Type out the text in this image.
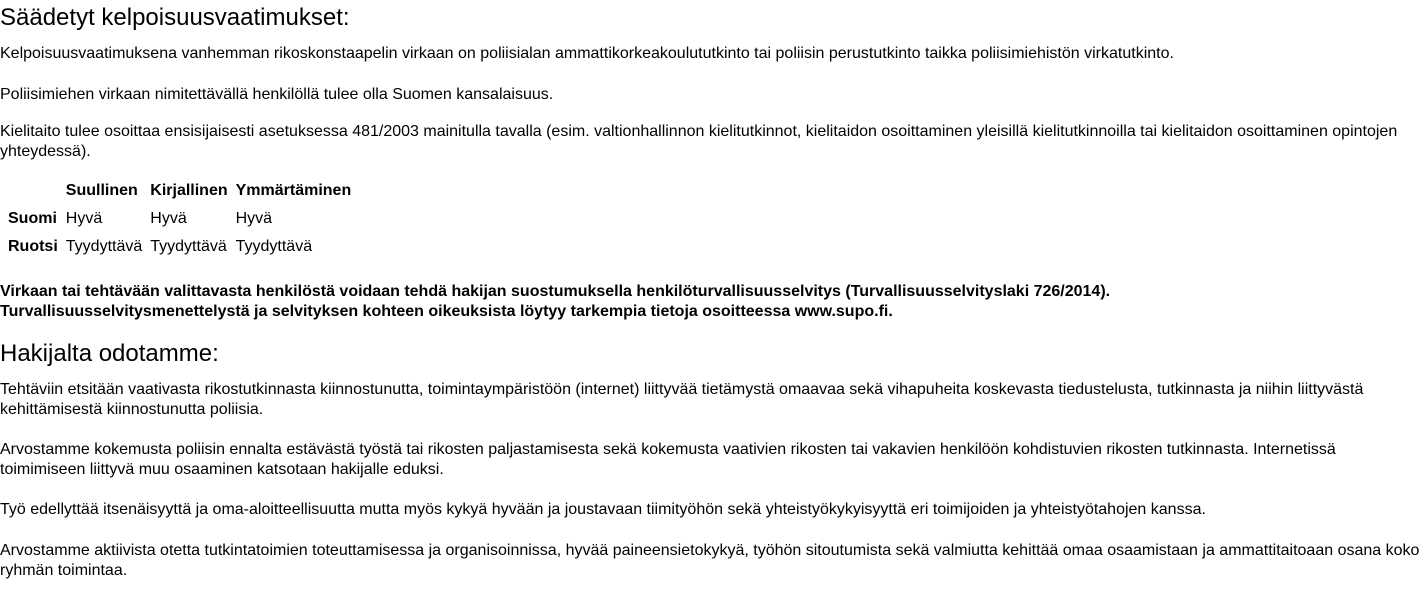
Säädetyt kelpoisuusvaatimukset:

Kelpoisuusvaatimuksena vanhemman rikoskonstaapelin virkaan on poliisialan ammattikorkeakoulututkinto tai poliisin perustutkinto taikka poliisimiehistön virkatutkinto.

Poliisimiehen virkaan nimitettävällä henkilöllä tulee olla Suomen kansalaisuus.

Kielitaito tulee osoittaa ensisijaisesti asetuksessa 481/2003 mainitulla tavalla (esim. valtionhallinnon kielitutkinnot, kielitaidon osoittaminen yleisillä kielitutkinnoilla tai kielitaidon osoittaminen opintojen yhteydessä).

	Suullinen	Kirjallinen	Ymmärtäminen
Suomi	Hyvä	Hyvä	Hyvä
Ruotsi	Tyydyttävä	Tyydyttävä	Tyydyttävä

Virkaan tai tehtävään valittavasta henkilöstä voidaan tehdä hakijan suostumuksella henkilöturvallisuusselvitys (Turvallisuusselvityslaki 726/2014).
Turvallisuusselvitysmenettelystä ja selvityksen kohteen oikeuksista löytyy tarkempia tietoja osoitteessa www.supo.fi.

Hakijalta odotamme:

Tehtäviin etsitään vaativasta rikostutkinnasta kiinnostunutta, toimintaympäristöön (internet) liittyvää tietämystä omaavaa sekä vihapuheita koskevasta tiedustelusta, tutkinnasta ja niihin liittyvästä kehittämisestä kiinnostunutta poliisia.

Arvostamme kokemusta poliisin ennalta estävästä työstä tai rikosten paljastamisesta sekä kokemusta vaativien rikosten tai vakavien henkilöön kohdistuvien rikosten tutkinnasta. Internetissä toimimiseen liittyvä muu osaaminen katsotaan hakijalle eduksi.

Työ edellyttää itsenäisyyttä ja oma-aloitteellisuutta mutta myös kykyä hyvään ja joustavaan tiimityöhön sekä yhteistyökykyisyyttä eri toimijoiden ja yhteistyötahojen kanssa.

Arvostamme aktiivista otetta tutkintatoimien toteuttamisessa ja organisoinnissa, hyvää paineensietokykyä, työhön sitoutumista sekä valmiutta kehittää omaa osaamistaan ja ammattitaitoaan osana koko ryhmän toimintaa.
